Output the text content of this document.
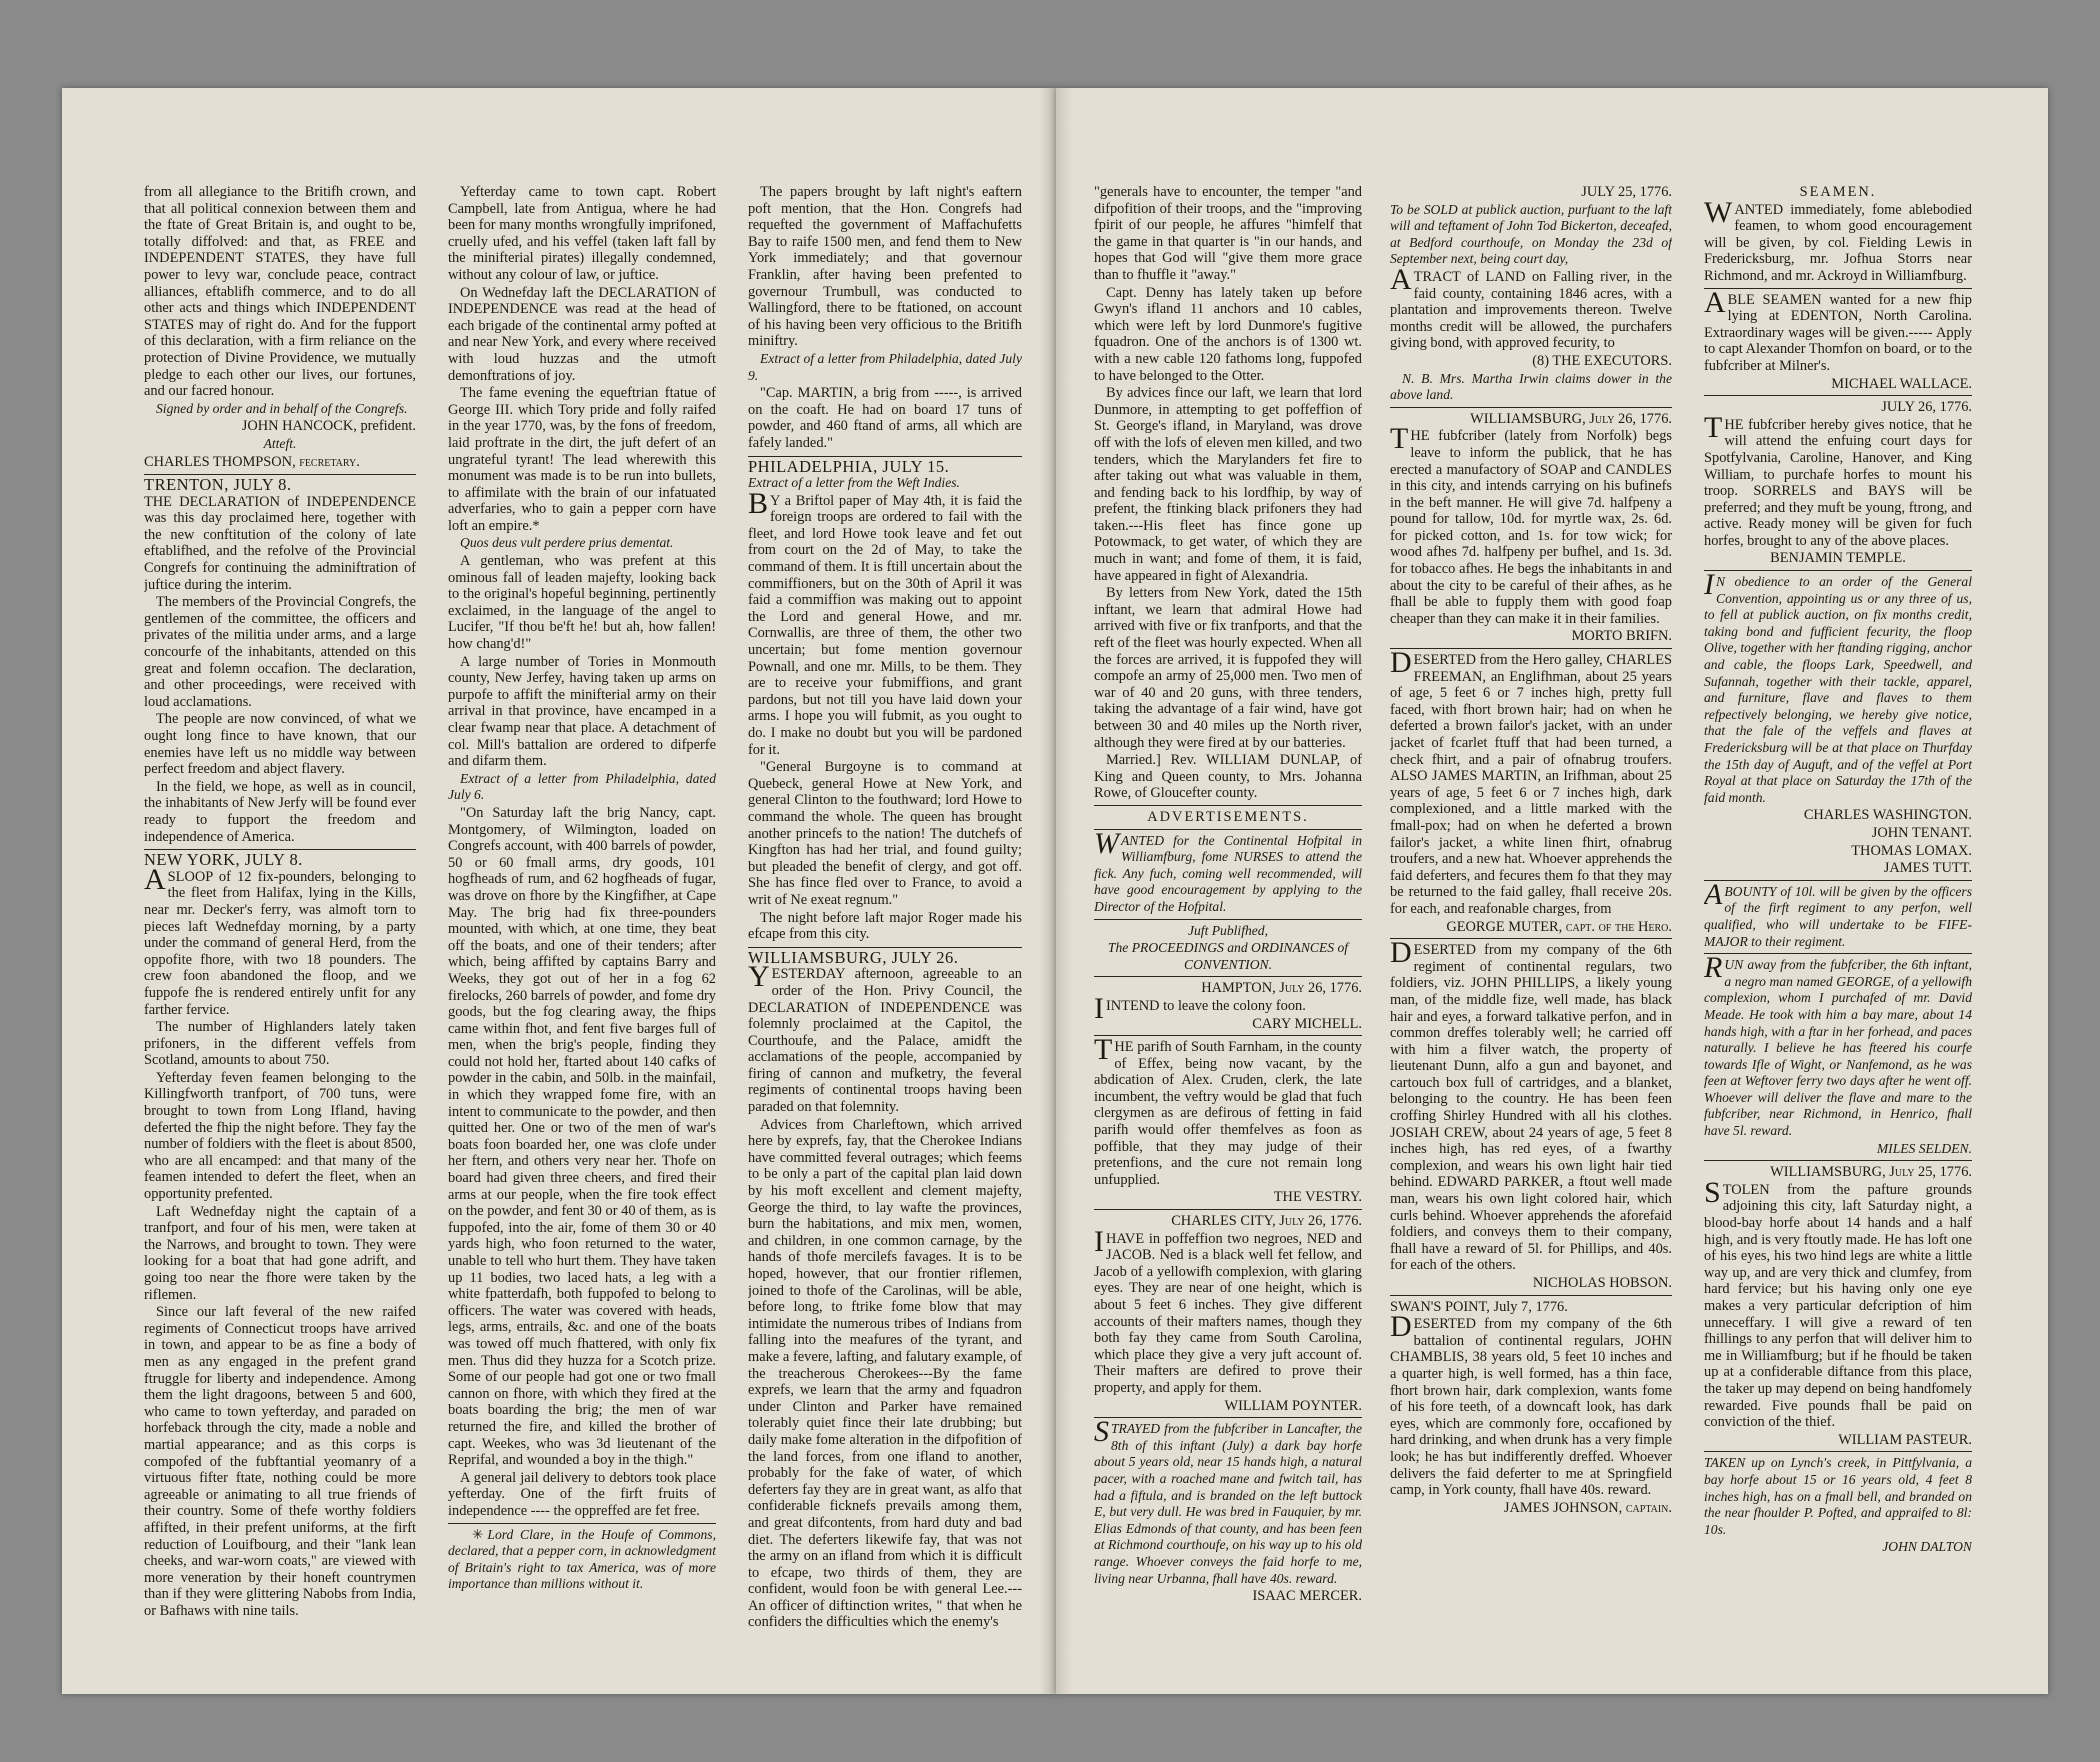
from all allegiance to the Britifh crown, and that all political connexion between them and the ftate of Great Britain is, and ought to be, totally diffolved: and that, as FREE and INDEPENDENT STATES, they have full power to levy war, conclude peace, contract alliances, eftablifh commerce, and to do all other acts and things which INDEPENDENT STATES may of right do. And for the fupport of this declaration, with a firm reliance on the protection of Divine Providence, we mutually pledge to each other our lives, our fortunes, and our facred honour.

Signed by order and in behalf of the Congrefs.

JOHN HANCOCK, prefident.

Atteft.

CHARLES THOMPSON, fecretary.

TRENTON, JULY 8.

THE DECLARATION of INDEPENDENCE was this day proclaimed here, together with the new conftitution of the colony of late eftablifhed, and the refolve of the Provincial Congrefs for continuing the adminiftration of juftice during the interim.

The members of the Provincial Congrefs, the gentlemen of the committee, the officers and privates of the militia under arms, and a large concourfe of the inhabitants, attended on this great and folemn occafion. The declaration, and other proceedings, were received with loud acclamations.

The people are now convinced, of what we ought long fince to have known, that our enemies have left us no middle way between perfect freedom and abject flavery.

In the field, we hope, as well as in council, the inhabitants of New Jerfy will be found ever ready to fupport the freedom and independence of America.

NEW YORK, JULY 8.

ASLOOP of 12 fix-pounders, belonging to the fleet from Halifax, lying in the Kills, near mr. Decker's ferry, was almoft torn to pieces laft Wednefday morning, by a party under the command of general Herd, from the oppofite fhore, with two 18 pounders. The crew foon abandoned the floop, and we fuppofe fhe is rendered entirely unfit for any farther fervice.

The number of Highlanders lately taken prifoners, in the different veffels from Scotland, amounts to about 750.

Yefterday feven feamen belonging to the Killingfworth tranfport, of 700 tuns, were brought to town from Long Ifland, having deferted the fhip the night before. They fay the number of foldiers with the fleet is about 8500, who are all encamped: and that many of the feamen intended to defert the fleet, when an opportunity prefented.

Laft Wednefday night the captain of a tranfport, and four of his men, were taken at the Narrows, and brought to town. They were looking for a boat that had gone adrift, and going too near the fhore were taken by the riflemen.

Since our laft feveral of the new raifed regiments of Connecticut troops have arrived in town, and appear to be as fine a body of men as any engaged in the prefent grand ftruggle for liberty and independence. Among them the light dragoons, between 5 and 600, who came to town yefterday, and paraded on horfeback through the city, made a noble and martial appearance; and as this corps is compofed of the fubftantial yeomanry of a virtuous fifter ftate, nothing could be more agreeable or animating to all true friends of their country. Some of thefe worthy foldiers affifted, in their prefent uniforms, at the firft reduction of Louifbourg, and their "lank lean cheeks, and war-worn coats," are viewed with more veneration by their honeft countrymen than if they were glittering Nabobs from India, or Bafhaws with nine tails.

Yefterday came to town capt. Robert Campbell, late from Antigua, where he had been for many months wrongfully imprifoned, cruelly ufed, and his veffel (taken laft fall by the minifterial pirates) illegally condemned, without any colour of law, or juftice.

On Wednefday laft the DECLARATION of INDEPENDENCE was read at the head of each brigade of the continental army pofted at and near New York, and every where received with loud huzzas and the utmoft demonftrations of joy.

The fame evening the equeftrian ftatue of George III. which Tory pride and folly raifed in the year 1770, was, by the fons of freedom, laid proftrate in the dirt, the juft defert of an ungrateful tyrant! The lead wherewith this monument was made is to be run into bullets, to affimilate with the brain of our infatuated adverfaries, who to gain a pepper corn have loft an empire.*

Quos deus vult perdere prius dementat.

A gentleman, who was prefent at this ominous fall of leaden majefty, looking back to the original's hopeful beginning, pertinently exclaimed, in the language of the angel to Lucifer, "If thou be'ft he! but ah, how fallen! how chang'd!"

A large number of Tories in Monmouth county, New Jerfey, having taken up arms on purpofe to affift the minifterial army on their arrival in that province, have encamped in a clear fwamp near that place. A detachment of col. Mill's battalion are ordered to difperfe and difarm them.

Extract of a letter from Philadelphia, dated July 6.

"On Saturday laft the brig Nancy, capt. Montgomery, of Wilmington, loaded on Congrefs account, with 400 barrels of powder, 50 or 60 fmall arms, dry goods, 101 hogfheads of rum, and 62 hogfheads of fugar, was drove on fhore by the Kingfifher, at Cape May. The brig had fix three-pounders mounted, with which, at one time, they beat off the boats, and one of their tenders; after which, being affifted by captains Barry and Weeks, they got out of her in a fog 62 firelocks, 260 barrels of powder, and fome dry goods, but the fog clearing away, the fhips came within fhot, and fent five barges full of men, when the brig's people, finding they could not hold her, ftarted about 140 cafks of powder in the cabin, and 50lb. in the mainfail, in which they wrapped fome fire, with an intent to communicate to the powder, and then quitted her. One or two of the men of war's boats foon boarded her, one was clofe under her ftern, and others very near her. Thofe on board had given three cheers, and fired their arms at our people, when the fire took effect on the powder, and fent 30 or 40 of them, as is fuppofed, into the air, fome of them 30 or 40 yards high, who foon returned to the water, unable to tell who hurt them. They have taken up 11 bodies, two laced hats, a leg with a white fpatterdafh, both fuppofed to belong to officers. The water was covered with heads, legs, arms, entrails, &c. and one of the boats was towed off much fhattered, with only fix men. Thus did they huzza for a Scotch prize. Some of our people had got one or two fmall cannon on fhore, with which they fired at the boats boarding the brig; the men of war returned the fire, and killed the brother of capt. Weekes, who was 3d lieutenant of the Reprifal, and wounded a boy in the thigh."

A general jail delivery to debtors took place yefterday. One of the firft fruits of independence ---- the oppreffed are fet free.

✳ Lord Clare, in the Houfe of Commons, declared, that a pepper corn, in acknowledgment of Britain's right to tax America, was of more importance than millions without it.

The papers brought by laft night's eaftern poft mention, that the Hon. Congrefs had requefted the government of Maffachufetts Bay to raife 1500 men, and fend them to New York immediately; and that governour Franklin, after having been prefented to governour Trumbull, was conducted to Wallingford, there to be ftationed, on account of his having been very officious to the Britifh miniftry.

Extract of a letter from Philadelphia, dated July 9.

"Cap. MARTIN, a brig from -----, is arrived on the coaft. He had on board 17 tuns of powder, and 460 ftand of arms, all which are fafely landed."

PHILADELPHIA, JULY 15.

Extract of a letter from the Weft Indies.

BY a Briftol paper of May 4th, it is faid the foreign troops are ordered to fail with the fleet, and lord Howe took leave and fet out from court on the 2d of May, to take the command of them. It is ftill uncertain about the commiffioners, but on the 30th of April it was faid a commiffion was making out to appoint the Lord and general Howe, and mr. Cornwallis, are three of them, the other two uncertain; but fome mention governour Pownall, and one mr. Mills, to be them. They are to receive your fubmiffions, and grant pardons, but not till you have laid down your arms. I hope you will fubmit, as you ought to do. I make no doubt but you will be pardoned for it.

"General Burgoyne is to command at Quebeck, general Howe at New York, and general Clinton to the fouthward; lord Howe to command the whole. The queen has brought another princefs to the nation! The dutchefs of Kingfton has had her trial, and found guilty; but pleaded the benefit of clergy, and got off. She has fince fled over to France, to avoid a writ of Ne exeat regnum."

The night before laft major Roger made his efcape from this city.

WILLIAMSBURG, JULY 26.

YESTERDAY afternoon, agreeable to an order of the Hon. Privy Council, the DECLARATION of INDEPENDENCE was folemnly proclaimed at the Capitol, the Courthoufe, and the Palace, amidft the acclamations of the people, accompanied by firing of cannon and mufketry, the feveral regiments of continental troops having been paraded on that folemnity.

Advices from Charleftown, which arrived here by exprefs, fay, that the Cherokee Indians have committed feveral outrages; which feems to be only a part of the capital plan laid down by his moft excellent and clement majefty, George the third, to lay wafte the provinces, burn the habitations, and mix men, women, and children, in one common carnage, by the hands of thofe mercilefs favages. It is to be hoped, however, that our frontier riflemen, joined to thofe of the Carolinas, will be able, before long, to ftrike fome blow that may intimidate the numerous tribes of Indians from falling into the meafures of the tyrant, and make a fevere, lafting, and falutary example, of the treacherous Cherokees---By the fame exprefs, we learn that the army and fquadron under Clinton and Parker have remained tolerably quiet fince their late drubbing; but daily make fome alteration in the difpofition of the land forces, from one ifland to another, probably for the fake of water, of which deferters fay they are in great want, as alfo that confiderable ficknefs prevails among them, and great difcontents, from hard duty and bad diet. The deferters likewife fay, that was not the army on an ifland from which it is difficult to efcape, two thirds of them, they are confident, would foon be with general Lee.--- An officer of diftinction writes, " that when he confiders the difficulties which the enemy's

"generals have to encounter, the temper "and difpofition of their troops, and the "improving fpirit of our people, he affures "himfelf that the game in that quarter is "in our hands, and hopes that God will "give them more grace than to fhuffle it "away."

Capt. Denny has lately taken up before Gwyn's ifland 11 anchors and 10 cables, which were left by lord Dunmore's fugitive fquadron. One of the anchors is of 1300 wt. with a new cable 120 fathoms long, fuppofed to have belonged to the Otter.

By advices fince our laft, we learn that lord Dunmore, in attempting to get poffeffion of St. George's ifland, in Maryland, was drove off with the lofs of eleven men killed, and two tenders, which the Marylanders fet fire to after taking out what was valuable in them, and fending back to his lordfhip, by way of prefent, the ftinking black prifoners they had taken.---His fleet has fince gone up Potowmack, to get water, of which they are much in want; and fome of them, it is faid, have appeared in fight of Alexandria.

By letters from New York, dated the 15th inftant, we learn that admiral Howe had arrived with five or fix tranfports, and that the reft of the fleet was hourly expected. When all the forces are arrived, it is fuppofed they will compofe an army of 25,000 men. Two men of war of 40 and 20 guns, with three tenders, taking the advantage of a fair wind, have got between 30 and 40 miles up the North river, although they were fired at by our batteries.

Married.] Rev. WILLIAM DUNLAP, of King and Queen county, to Mrs. Johanna Rowe, of Gloucefter county.

ADVERTISEMENTS.

WANTED for the Continental Hofpital in Williamfburg, fome NURSES to attend the fick. Any fuch, coming well recommended, will have good encouragement by applying to the Director of the Hofpital.

Juft Publifhed,

The PROCEEDINGS and ORDINANCES of CONVENTION.

HAMPTON, July 26, 1776.

IINTEND to leave the colony foon.

CARY MICHELL.

THE parifh of South Farnham, in the county of Effex, being now vacant, by the abdication of Alex. Cruden, clerk, the late incumbent, the veftry would be glad that fuch clergymen as are defirous of fetting in faid parifh would offer themfelves as foon as poffible, that they may judge of their pretenfions, and the cure not remain long unfupplied.

THE VESTRY.

CHARLES CITY, July 26, 1776.

IHAVE in poffeffion two negroes, NED and JACOB. Ned is a black well fet fellow, and Jacob of a yellowifh complexion, with glaring eyes. They are near of one height, which is about 5 feet 6 inches. They give different accounts of their mafters names, though they both fay they came from South Carolina, which place they give a very juft account of. Their mafters are defired to prove their property, and apply for them.

WILLIAM POYNTER.

STRAYED from the fubfcriber in Lancafter, the 8th of this inftant (July) a dark bay horfe about 5 years old, near 15 hands high, a natural pacer, with a roached mane and fwitch tail, has had a fiftula, and is branded on the left buttock E, but very dull. He was bred in Fauquier, by mr. Elias Edmonds of that county, and has been feen at Richmond courthoufe, on his way up to his old range. Whoever conveys the faid horfe to me, living near Urbanna, fhall have 40s. reward.

ISAAC MERCER.

JULY 25, 1776.

To be SOLD at publick auction, purfuant to the laft will and teftament of John Tod Bickerton, deceafed, at Bedford courthoufe, on Monday the 23d of September next, being court day,

ATRACT of LAND on Falling river, in the faid county, containing 1846 acres, with a plantation and improvements thereon. Twelve months credit will be allowed, the purchafers giving bond, with approved fecurity, to

(8) THE EXECUTORS.

N. B. Mrs. Martha Irwin claims dower in the above land.

WILLIAMSBURG, July 26, 1776.

THE fubfcriber (lately from Norfolk) begs leave to inform the publick, that he has erected a manufactory of SOAP and CANDLES in this city, and intends carrying on his bufinefs in the beft manner. He will give 7d. halfpeny a pound for tallow, 10d. for myrtle wax, 2s. 6d. for picked cotton, and 1s. for tow wick; for wood afhes 7d. halfpeny per bufhel, and 1s. 3d. for tobacco afhes. He begs the inhabitants in and about the city to be careful of their afhes, as he fhall be able to fupply them with good foap cheaper than they can make it in their families.

MORTO BRIFN.

DESERTED from the Hero galley, CHARLES FREEMAN, an Englifhman, about 25 years of age, 5 feet 6 or 7 inches high, pretty full faced, with fhort brown hair; had on when he deferted a brown failor's jacket, with an under jacket of fcarlet ftuff that had been turned, a check fhirt, and a pair of ofnabrug troufers. ALSO JAMES MARTIN, an Irifhman, about 25 years of age, 5 feet 6 or 7 inches high, dark complexioned, and a little marked with the fmall-pox; had on when he deferted a brown failor's jacket, a white linen fhirt, ofnabrug troufers, and a new hat. Whoever apprehends the faid deferters, and fecures them fo that they may be returned to the faid galley, fhall receive 20s. for each, and reafonable charges, from

GEORGE MUTER, capt. of the Hero.

DESERTED from my company of the 6th regiment of continental regulars, two foldiers, viz. JOHN PHILLIPS, a likely young man, of the middle fize, well made, has black hair and eyes, a forward talkative perfon, and in common dreffes tolerably well; he carried off with him a filver watch, the property of lieutenant Dunn, alfo a gun and bayonet, and cartouch box full of cartridges, and a blanket, belonging to the country. He has been feen croffing Shirley Hundred with all his clothes. JOSIAH CREW, about 24 years of age, 5 feet 8 inches high, has red eyes, of a fwarthy complexion, and wears his own light hair tied behind. EDWARD PARKER, a ftout well made man, wears his own light colored hair, which curls behind. Whoever apprehends the aforefaid foldiers, and conveys them to their company, fhall have a reward of 5l. for Phillips, and 40s. for each of the others.

NICHOLAS HOBSON.

SWAN'S POINT, July 7, 1776.

DESERTED from my company of the 6th battalion of continental regulars, JOHN CHAMBLIS, 38 years old, 5 feet 10 inches and a quarter high, is well formed, has a thin face, fhort brown hair, dark complexion, wants fome of his fore teeth, of a downcaft look, has dark eyes, which are commonly fore, occafioned by hard drinking, and when drunk has a very fimple look; he has but indifferently dreffed. Whoever delivers the faid deferter to me at Springfield camp, in York county, fhall have 40s. reward.

JAMES JOHNSON, captain.

SEAMEN.

WANTED immediately, fome ablebodied feamen, to whom good encouragement will be given, by col. Fielding Lewis in Fredericksburg, mr. Jofhua Storrs near Richmond, and mr. Ackroyd in Williamfburg.

ABLE SEAMEN wanted for a new fhip lying at EDENTON, North Carolina. Extraordinary wages will be given.----- Apply to capt Alexander Thomfon on board, or to the fubfcriber at Milner's.

MICHAEL WALLACE.

JULY 26, 1776.

THE fubfcriber hereby gives notice, that he will attend the enfuing court days for Spotfylvania, Caroline, Hanover, and King William, to purchafe horfes to mount his troop. SORRELS and BAYS will be preferred; and they muft be young, ftrong, and active. Ready money will be given for fuch horfes, brought to any of the above places.

BENJAMIN TEMPLE.

IN obedience to an order of the General Convention, appointing us or any three of us, to fell at publick auction, on fix months credit, taking bond and fufficient fecurity, the floop Olive, together with her ftanding rigging, anchor and cable, the floops Lark, Speedwell, and Sufannah, together with their tackle, apparel, and furniture, flave and flaves to them refpectively belonging, we hereby give notice, that the fale of the veffels and flaves at Fredericksburg will be at that place on Thurfday the 15th day of Auguft, and of the veffel at Port Royal at that place on Saturday the 17th of the faid month.

CHARLES WASHINGTON.

JOHN TENANT.

THOMAS LOMAX.

JAMES TUTT.

ABOUNTY of 10l. will be given by the officers of the firft regiment to any perfon, well qualified, who will undertake to be FIFE-MAJOR to their regiment.

RUN away from the fubfcriber, the 6th inftant, a negro man named GEORGE, of a yellowifh complexion, whom I purchafed of mr. David Meade. He took with him a bay mare, about 14 hands high, with a ftar in her forhead, and paces naturally. I believe he has fteered his courfe towards Ifle of Wight, or Nanfemond, as he was feen at Weftover ferry two days after he went off. Whoever will deliver the flave and mare to the fubfcriber, near Richmond, in Henrico, fhall have 5l. reward.

MILES SELDEN.

WILLIAMSBURG, July 25, 1776.

STOLEN from the pafture grounds adjoining this city, laft Saturday night, a blood-bay horfe about 14 hands and a half high, and is very ftoutly made. He has loft one of his eyes, his two hind legs are white a little way up, and are very thick and clumfey, from hard fervice; but his having only one eye makes a very particular defcription of him unneceffary. I will give a reward of ten fhillings to any perfon that will deliver him to me in Williamfburg; but if he fhould be taken up at a confiderable diftance from this place, the taker up may depend on being handfomely rewarded. Five pounds fhall be paid on conviction of the thief.

WILLIAM PASTEUR.

TAKEN up on Lynch's creek, in Pittfylvania, a bay horfe about 15 or 16 years old, 4 feet 8 inches high, has on a fmall bell, and branded on the near fhoulder P. Pofted, and appraifed to 8l: 10s.

JOHN DALTON
